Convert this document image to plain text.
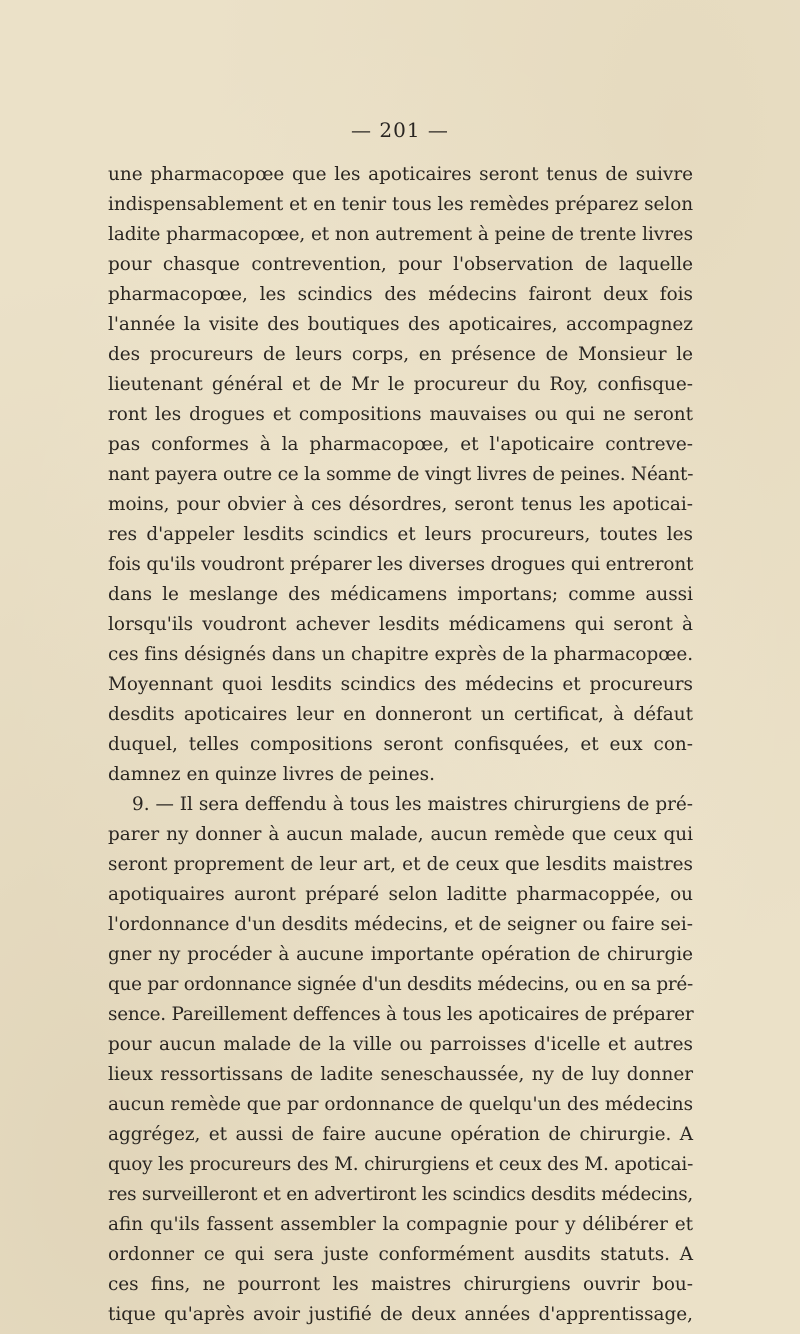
— 201 —
une pharmacopœe que les apoticaires seront tenus de suivre
indispensablement et en tenir tous les remèdes préparez selon
ladite pharmacopœe, et non autrement à peine de trente livres
pour chasque contrevention, pour l'observation de laquelle
pharmacopœe, les scindics des médecins fairont deux fois
l'année la visite des boutiques des apoticaires, accompagnez
des procureurs de leurs corps, en présence de Monsieur le
lieutenant général et de Mr le procureur du Roy, confisque-
ront les drogues et compositions mauvaises ou qui ne seront
pas conformes à la pharmacopœe, et l'apoticaire contreve-
nant payera outre ce la somme de vingt livres de peines. Néant-
moins, pour obvier à ces désordres, seront tenus les apoticai-
res d'appeler lesdits scindics et leurs procureurs, toutes les
fois qu'ils voudront préparer les diverses drogues qui entreront
dans le meslange des médicamens importans; comme aussi
lorsqu'ils voudront achever lesdits médicamens qui seront à
ces fins désignés dans un chapitre exprès de la pharmacopœe.
Moyennant quoi lesdits scindics des médecins et procureurs
desdits apoticaires leur en donneront un certificat, à défaut
duquel, telles compositions seront confisquées, et eux con-
damnez en quinze livres de peines.
9. — Il sera deffendu à tous les maistres chirurgiens de pré-
parer ny donner à aucun malade, aucun remède que ceux qui
seront proprement de leur art, et de ceux que lesdits maistres
apotiquaires auront préparé selon laditte pharmacoppée, ou
l'ordonnance d'un desdits médecins, et de seigner ou faire sei-
gner ny procéder à aucune importante opération de chirurgie
que par ordonnance signée d'un desdits médecins, ou en sa pré-
sence. Pareillement deffences à tous les apoticaires de préparer
pour aucun malade de la ville ou parroisses d'icelle et autres
lieux ressortissans de ladite seneschaussée, ny de luy donner
aucun remède que par ordonnance de quelqu'un des médecins
aggrégez, et aussi de faire aucune opération de chirurgie. A
quoy les procureurs des M. chirurgiens et ceux des M. apoticai-
res surveilleront et en advertiront les scindics desdits médecins,
afin qu'ils fassent assembler la compagnie pour y délibérer et
ordonner ce qui sera juste conformément ausdits statuts. A
ces fins, ne pourront les maistres chirurgiens ouvrir bou-
tique qu'après avoir justifié de deux années d'apprentissage,
